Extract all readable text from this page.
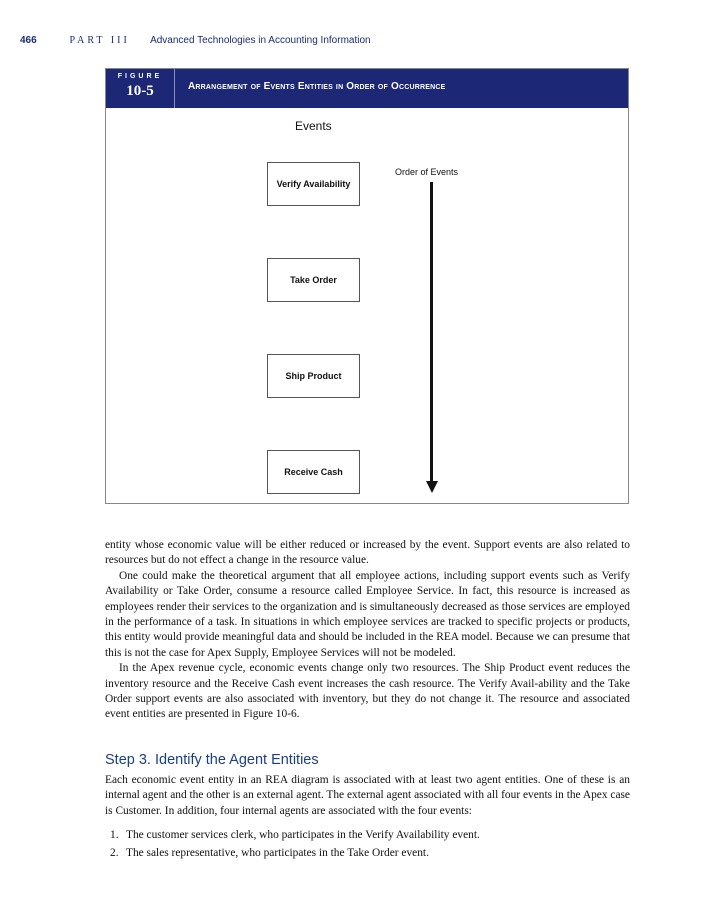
466	PART III Advanced Technologies in Accounting Information
FIGURE
10-5	Arrangement of Events Entities in Order of Occurrence
Events
Order of Events
Verify Availability
Take Order
Ship Product
Receive Cash

entity whose economic value will be either reduced or increased by the event. Support events are also related to resources but do not effect a change in the resource value.

One could make the theoretical argument that all employee actions, including support events such as Verify Availability or Take Order, consume a resource called Employee Service. In fact, this resource is increased as employees render their services to the organization and is simultaneously decreased as those services are employed in the performance of a task. In situations in which employee services are tracked to specific projects or products, this entity would provide meaningful data and should be included in the REA model. Because we can presume that this is not the case for Apex Supply, Employee Services will not be modeled.

In the Apex revenue cycle, economic events change only two resources. The Ship Product event reduces the inventory resource and the Receive Cash event increases the cash resource. The Verify Avail-ability and the Take Order support events are also associated with inventory, but they do not change it. The resource and associated event entities are presented in Figure 10-6.

Step 3. Identify the Agent Entities

Each economic event entity in an REA diagram is associated with at least two agent entities. One of these is an internal agent and the other is an external agent. The external agent associated with all four events in the Apex case is Customer. In addition, four internal agents are associated with the four events:

1. The customer services clerk, who participates in the Verify Availability event.
2. The sales representative, who participates in the Take Order event.
